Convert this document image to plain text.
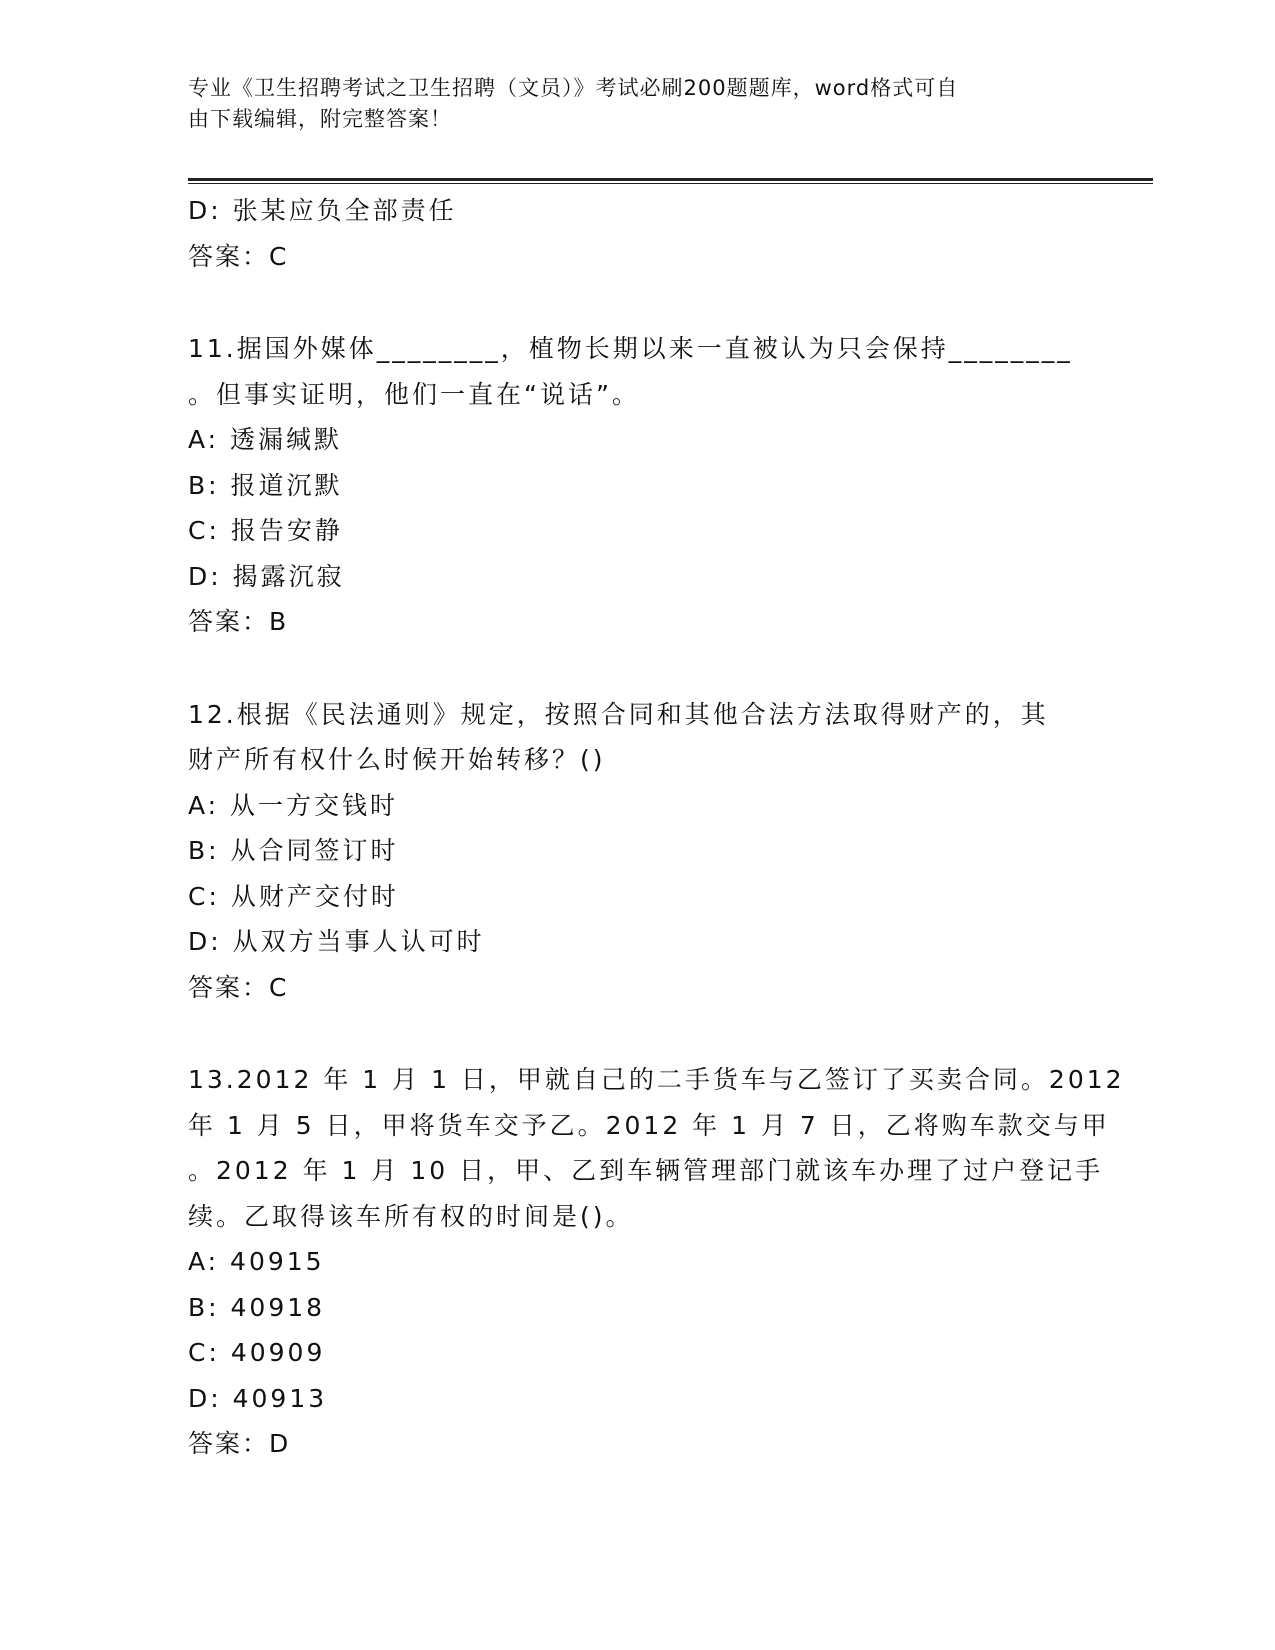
专业《卫生招聘考试之卫生招聘（文员）》考试必刷200题题库，word格式可自
由下载编辑，附完整答案！
D: 张某应负全部责任
答案：C
11.据国外媒体________，植物长期以来一直被认为只会保持________
。但事实证明，他们一直在“说话”。
A: 透漏缄默
B: 报道沉默
C: 报告安静
D: 揭露沉寂
答案：B
12.根据《民法通则》规定，按照合同和其他合法方法取得财产的，其
财产所有权什么时候开始转移？()
A: 从一方交钱时
B: 从合同签订时
C: 从财产交付时
D: 从双方当事人认可时
答案：C
13.2012 年 1 月 1 日，甲就自己的二手货车与乙签订了买卖合同。2012
年 1 月 5 日，甲将货车交予乙。2012 年 1 月 7 日，乙将购车款交与甲
。2012 年 1 月 10 日，甲、乙到车辆管理部门就该车办理了过户登记手
续。乙取得该车所有权的时间是()。
A: 40915
B: 40918
C: 40909
D: 40913
答案：D
